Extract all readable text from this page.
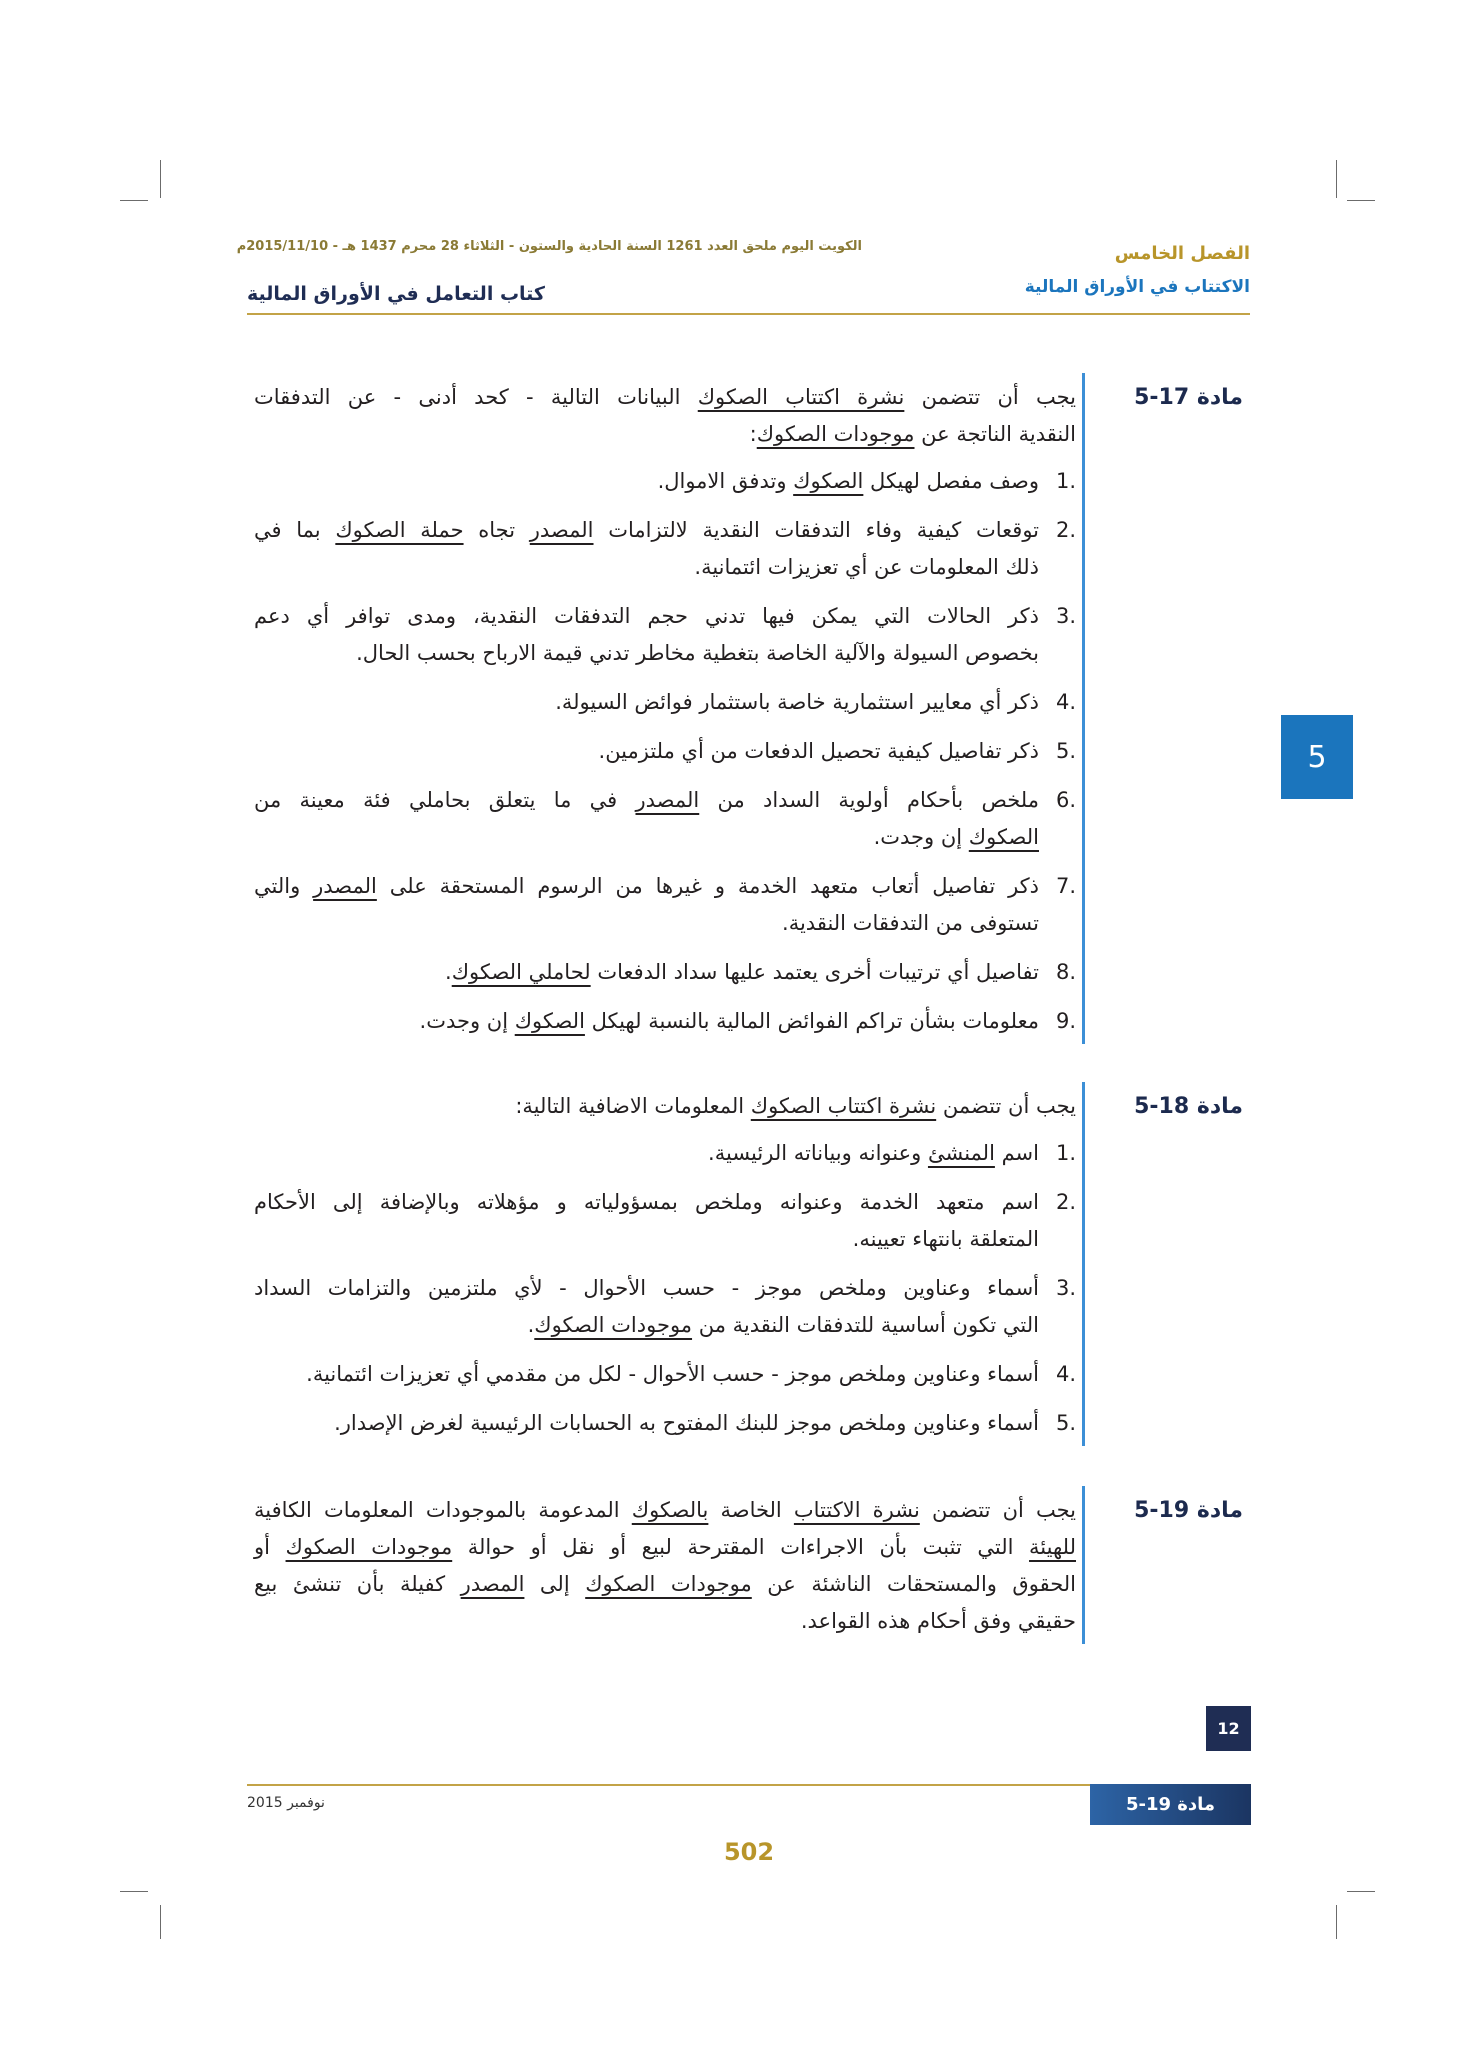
الكويت اليوم ملحق العدد 1261 السنة الحادية والستون - الثلاثاء 28 محرم 1437 هـ - 2015/11/10م	الفصل الخامس
الاكتتاب في الأوراق المالية
كتاب التعامل في الأوراق المالية
5
مادة 17-5
يجب أن تتضمن نشرة اكتتاب الصكوك البيانات التالية - كحد أدنى - عن التدفقات
النقدية الناتجة عن موجودات الصكوك:
1.
وصف مفصل لهيكل الصكوك وتدفق الاموال.
2.
توقعات كيفية وفاء التدفقات النقدية لالتزامات المصدر تجاه حملة الصكوك بما في
ذلك المعلومات عن أي تعزيزات ائتمانية.
3.
ذكر الحالات التي يمكن فيها تدني حجم التدفقات النقدية، ومدى توافر أي دعم
بخصوص السيولة والآلية الخاصة بتغطية مخاطر تدني قيمة الارباح بحسب الحال.
4.
ذكر أي معايير استثمارية خاصة باستثمار فوائض السيولة.
5.
ذكر تفاصيل كيفية تحصيل الدفعات من أي ملتزمين.
6.
ملخص بأحكام أولوية السداد من المصدر في ما يتعلق بحاملي فئة معينة من
الصكوك إن وجدت.
7.
ذكر تفاصيل أتعاب متعهد الخدمة و غيرها من الرسوم المستحقة على المصدر والتي
تستوفى من التدفقات النقدية.
8.
تفاصيل أي ترتيبات أخرى يعتمد عليها سداد الدفعات لحاملي الصكوك.
9.
معلومات بشأن تراكم الفوائض المالية بالنسبة لهيكل الصكوك إن وجدت.
مادة 18-5
يجب أن تتضمن نشرة اكتتاب الصكوك المعلومات الاضافية التالية:
1.
اسم المنشئ وعنوانه وبياناته الرئيسية.
2.
اسم متعهد الخدمة وعنوانه وملخص بمسؤولياته و مؤهلاته وبالإضافة إلى الأحكام
المتعلقة بانتهاء تعيينه.
3.
أسماء وعناوين وملخص موجز - حسب الأحوال - لأي ملتزمين والتزامات السداد
التي تكون أساسية للتدفقات النقدية من موجودات الصكوك.
4.
أسماء وعناوين وملخص موجز - حسب الأحوال - لكل من مقدمي أي تعزيزات ائتمانية.
5.
أسماء وعناوين وملخص موجز للبنك المفتوح به الحسابات الرئيسية لغرض الإصدار.
مادة 19-5
يجب أن تتضمن نشرة الاكتتاب الخاصة بالصكوك المدعومة بالموجودات المعلومات الكافية
للهيئة التي تثبت بأن الاجراءات المقترحة لبيع أو نقل أو حوالة موجودات الصكوك أو
الحقوق والمستحقات الناشئة عن موجودات الصكوك إلى المصدر كفيلة بأن تنشئ بيع
حقيقي وفق أحكام هذه القواعد.
12
مادة 19-5
نوفمبر 2015
502
